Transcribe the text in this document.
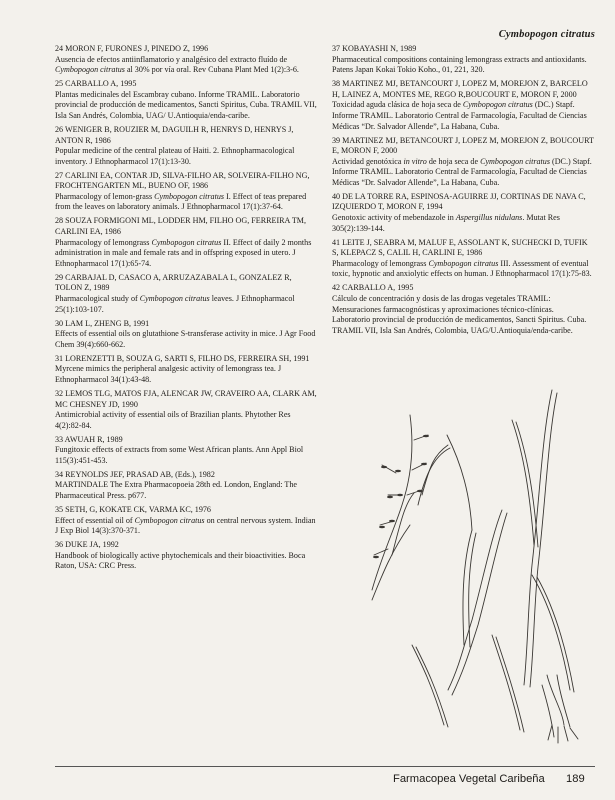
Cymbopogon citratus
24 MORON F, FURONES J, PINEDO Z, 1996
Ausencia de efectos antiinflamatorio y analgésico del extracto fluído de Cymbopogon citratus al 30% por vía oral. Rev Cubana Plant Med 1(2):3-6.
25 CARBALLO A, 1995
Plantas medicinales del Escambray cubano. Informe TRAMIL. Laboratorio provincial de producción de medicamentos, Sancti Spiritus, Cuba. TRAMIL VII, Isla San Andrés, Colombia, UAG/ U.Antioquia/enda-caribe.
26 WENIGER B, ROUZIER M, DAGUILH R, HENRYS D, HENRYS J, ANTON R, 1986
Popular medicine of the central plateau of Haiti. 2. Ethnopharmacological inventory. J Ethnopharmacol 17(1):13-30.
27 CARLINI EA, CONTAR JD, SILVA-FILHO AR, SOLVEIRA-FILHO NG, FROCHTENGARTEN ML, BUENO OF, 1986
Pharmacology of lemon-grass Cymbopogon citratus I. Effect of teas prepared from the leaves on laboratory animals. J Ethnopharmacol 17(1):37-64.
28 SOUZA FORMIGONI ML, LODDER HM, FILHO OG, FERREIRA TM, CARLINI EA, 1986
Pharmacology of lemongrass Cymbopogon citratus II. Effect of daily 2 months administration in male and female rats and in offspring exposed in utero. J Ethnopharmacol 17(1):65-74.
29 CARBAJAL D, CASACO A, ARRUZAZABALA L, GONZALEZ R, TOLON Z, 1989
Pharmacological study of Cymbopogon citratus leaves. J Ethnopharmacol 25(1):103-107.
30 LAM L, ZHENG B, 1991
Effects of essential oils on glutathione S-transferase activity in mice. J Agr Food Chem 39(4):660-662.
31 LORENZETTI B, SOUZA G, SARTI S, FILHO DS, FERREIRA SH, 1991
Myrcene mimics the peripheral analgesic activity of lemongrass tea. J Ethnopharmacol 34(1):43-48.
32 LEMOS TLG, MATOS FJA, ALENCAR JW, CRAVEIRO AA, CLARK AM, MC CHESNEY JD, 1990
Antimicrobial activity of essential oils of Brazilian plants. Phytother Res 4(2):82-84.
33 AWUAH R, 1989
Fungitoxic effects of extracts from some West African plants. Ann Appl Biol 115(3):451-453.
34 REYNOLDS JEF, PRASAD AB, (Eds.), 1982
MARTINDALE The Extra Pharmacopoeia 28th ed. London, England: The Pharmaceutical Press. p677.
35 SETH, G, KOKATE CK, VARMA KC, 1976
Effect of essential oil of Cymbopogon citratus on central nervous system. Indian J Exp Biol 14(3):370-371.
36 DUKE JA, 1992
Handbook of biologically active phytochemicals and their bioactivities. Boca Raton, USA: CRC Press.
37 KOBAYASHI N, 1989
Pharmaceutical compositions containing lemongrass extracts and antioxidants. Patens Japan Kokai Tokio Koho., 01, 221, 320.
38 MARTINEZ MJ, BETANCOURT J, LOPEZ M, MOREJON Z, BARCELO H, LAINEZ A, MONTES ME, REGO R,BOUCOURT E, MORON F, 2000
Toxicidad aguda clásica de hoja seca de Cymbopogon citratus (DC.) Stapf. Informe TRAMIL. Laboratorio Central de Farmacología, Facultad de Ciencias Médicas “Dr. Salvador Allende”, La Habana, Cuba.
39 MARTINEZ MJ, BETANCOURT J, LOPEZ M, MOREJON Z, BOUCOURT E, MORON F, 2000
Actividad genotóxica in vitro de hoja seca de Cymbopogon citratus (DC.) Stapf. Informe TRAMIL. Laboratorio Central de Farmacología, Facultad de Ciencias Médicas “Dr. Salvador Allende”, La Habana, Cuba.
40 DE LA TORRE RA, ESPINOSA-AGUIRRE JJ, CORTINAS DE NAVA C, IZQUIERDO T, MORON F, 1994
Genotoxic activity of mebendazole in Aspergillus nidulans. Mutat Res 305(2):139-144.
41 LEITE J, SEABRA M, MALUF E, ASSOLANT K, SUCHECKI D, TUFIK S, KLEPACZ S, CALIL H, CARLINI E, 1986
Pharmacology of lemongrass Cymbopogon citratus III. Assessment of eventual toxic, hypnotic and anxiolytic effects on human. J Ethnopharmacol 17(1):75-83.
42 CARBALLO A, 1995
Cálculo de concentración y dosis de las drogas vegetales TRAMIL: Mensuraciones farmacognósticas y aproximaciones técnico-clínicas. Laboratorio provincial de producción de medicamentos, Sancti Spiritus. Cuba. TRAMIL VII, Isla San Andrés, Colombia, UAG/U.Antioquia/enda-caribe.
Farmacopea Vegetal Caribeña 189
